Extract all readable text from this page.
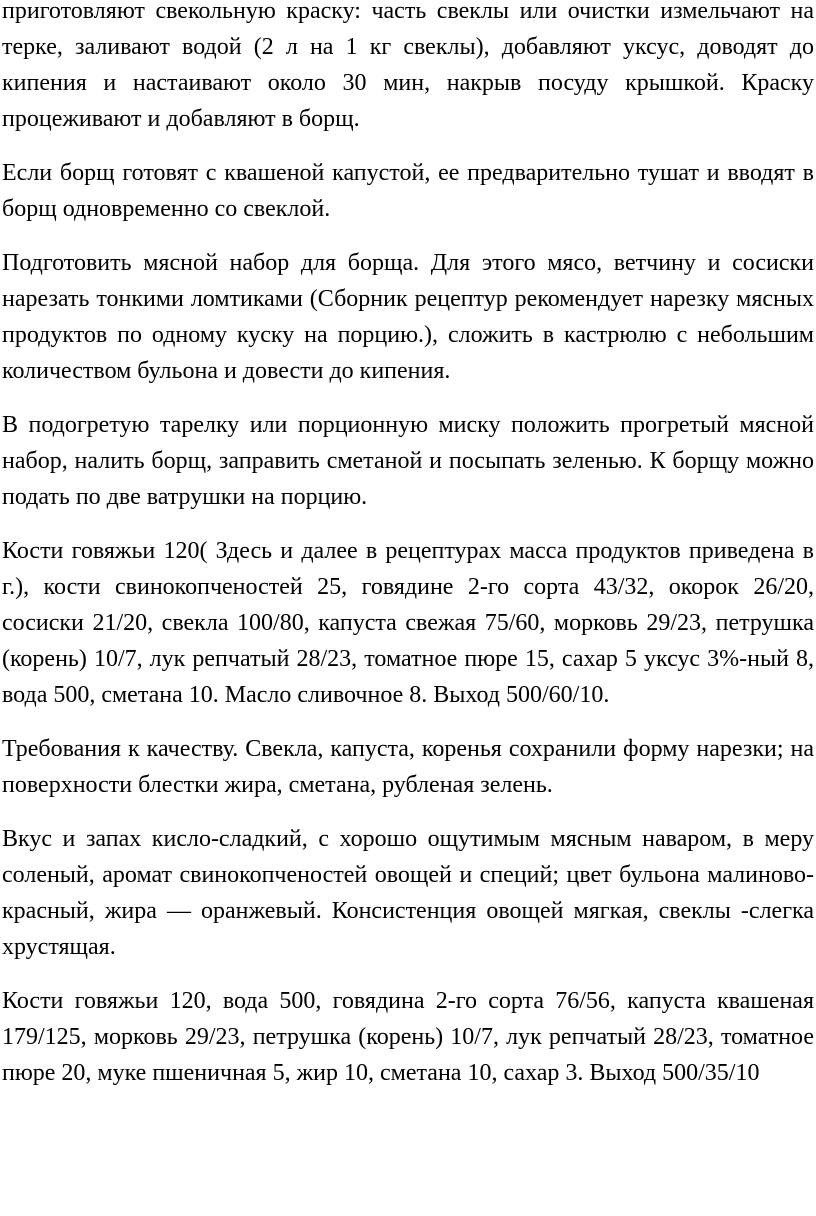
приготовляют свекольную краску: часть свеклы или очистки измельчают на терке, заливают водой (2 л на 1 кг свеклы), добавляют уксус, доводят до кипения и настаивают около 30 мин, накрыв посуду крышкой. Краску процеживают и добавляют в борщ.

Если борщ готовят с квашеной капустой, ее предварительно тушат и вводят в борщ одновременно со свеклой.

Подготовить мясной набор для борща. Для этого мясо, ветчину и сосиски нарезать тонкими ломтиками (Сборник рецептур рекомендует нарезку мясных продуктов по одному куску на порцию.), сложить в кастрюлю с небольшим количеством бульона и довести до кипения.

В подогретую тарелку или порционную миску положить прогретый мясной набор, налить борщ, заправить сметаной и посыпать зеленью. К борщу можно подать по две ватрушки на порцию.

Кости говяжьи 120( Здесь и далее в рецептурах масса продуктов приведена в г.), кости свинокопченостей 25, говядине 2-го сорта 43/32, окорок 26/20, сосиски 21/20, свекла 100/80, капуста свежая 75/60, морковь 29/23, петрушка (корень) 10/7, лук репчатый 28/23, томатное пюре 15, сахар 5 уксус 3%-ный 8, вода 500, сметана 10. Масло сливочное 8. Выход 500/60/10.

Требования к качеству. Свекла, капуста, коренья сохранили форму нарезки; на поверхности блестки жира, сметана, рубленая зелень.

Вкус и запах кисло-сладкий, с хорошо ощутимым мясным наваром, в меру соленый, аромат свинокопченостей овощей и специй; цвет бульона малиново-красный, жира — оранжевый. Консистенция овощей мягкая, свеклы -слегка хрустящая.

Кости говяжьи 120, вода 500, говядина 2-го сорта 76/56, капуста квашеная 179/125, морковь 29/23, петрушка (корень) 10/7, лук репчатый 28/23, томатное пюре 20, муке пшеничная 5, жир 10, сметана 10, сахар 3. Выход 500/35/10
